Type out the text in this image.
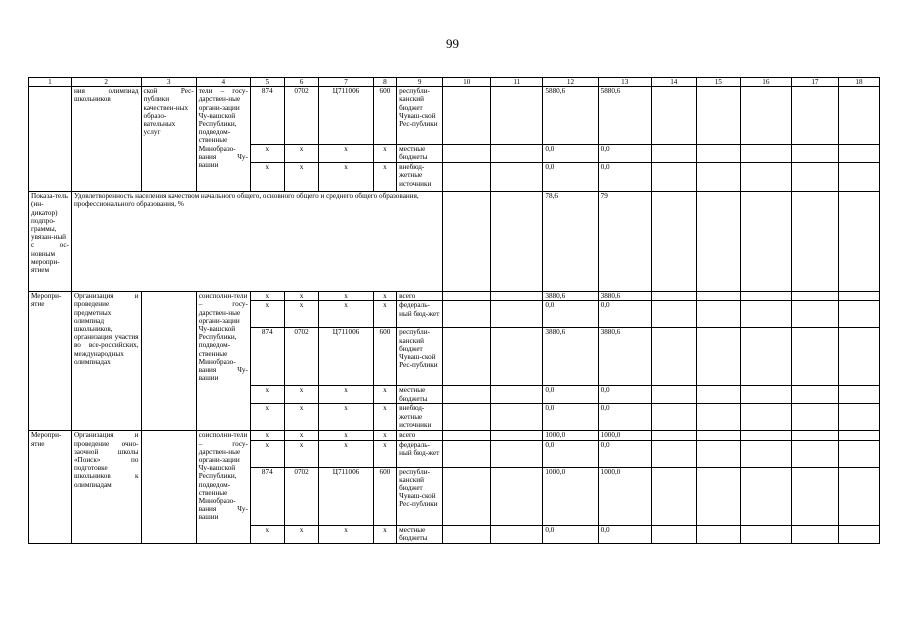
99
1	2	3	4	5	6	7	8	9	10	11	12	13	14	15	16	17	18
	ния олимпиад школьников	ской Рес-публики качествен-ных образо-вательных услуг	тели – госу-дарствен-ные органи-зации Чу-вашской Республики, подведом-ственные Минобразо-вания Чу-вашии	874	0702	Ц711006	600	республи-канский бюджет Чуваш-ской Рес-публики			5880,6	5880,6					
				x	x	x	x	местные бюджеты			0,0	0,0					
				x	x	x	x	внебюд-жетные источники			0,0	0,0					
Показа-тель (ин-дикатор) подпро-граммы, увязан-ный с ос-новным меропри-ятием	Удовлетворенность населения качеством начального общего, основного общего и среднего общего образования, профессионального образования, %										78,6	79					
Меропри-ятие	Организация и проведение предметных олимпиад школьников, организация участия во все-российских, международных олимпиадах		соисполни-тели – госу-дарствен-ные органи-зации Чу-вашской Республики, подведом-ственные Минобразо-вания Чу-вашии	x	x	x	x	всего			3880,6	3880,6					
				x	x	x	x	федераль-ный бюд-жет			0,0	0,0					
				874	0702	Ц711006	600	республи-канский бюджет Чуваш-ской Рес-публики			3880,6	3880,6					
				x	x	x	x	местные бюджеты			0,0	0,0					
				x	x	x	x	внебюд-жетные источники			0,0	0,0					
Меропри-ятие	Организация и проведение очно-заочной школы «Поиск» по подготовке школьников к олимпиадам		соисполни-тели – госу-дарствен-ные органи-зации Чу-вашской Республики, подведом-ственные Минобразо-вания Чу-вашии	x	x	x	x	всего			1000,0	1000,0					
				x	x	x	x	федераль-ный бюд-жет			0,0	0,0					
				874	0702	Ц711006	600	республи-канский бюджет Чуваш-ской Рес-публики			1000,0	1000,0					
				x	x	x	x	местные бюджеты			0,0	0,0					
